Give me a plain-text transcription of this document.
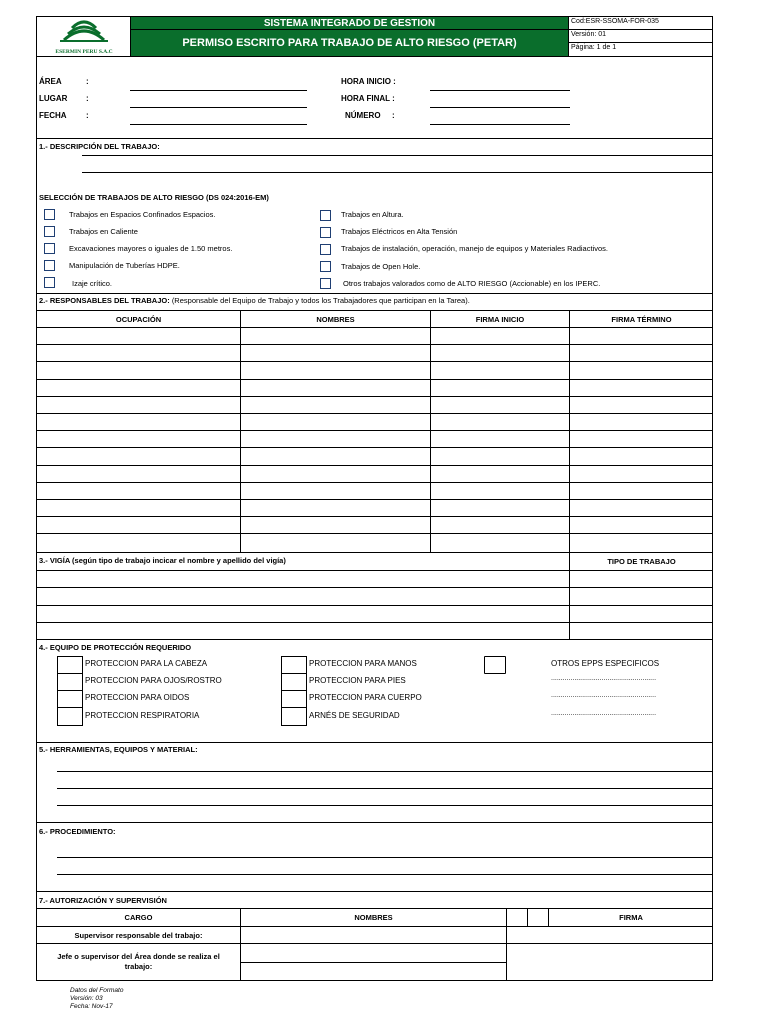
ESERMIN PERU S.A.C
SISTEMA INTEGRADO DE GESTION
PERMISO ESCRITO PARA TRABAJO DE ALTO RIESGO (PETAR)
Cod:ESR-SSOMA-FOR-035
Versión: 01
Página: 1 de 1
ÁREA	:
LUGAR :
FECHA :
HORA INICIO :
HORA FINAL :
NÚMERO :
1.- DESCRIPCIÓN DEL TRABAJO:
SELECCIÓN DE TRABAJOS DE ALTO RIESGO (DS 024:2016-EM)
Trabajos en Espacios Confinados Espacios.
Trabajos en Caliente
Excavaciones mayores o iguales de 1.50 metros.
Manipulación de Tuberías HDPE.
Izaje crítico.
Trabajos en Altura.
Trabajos Eléctricos en Alta Tensión
Trabajos de instalación, operación, manejo de equipos y Materiales Radiactivos.
Trabajos de Open Hole.
Otros trabajos valorados como de ALTO RIESGO (Accionable) en los IPERC.
2.- RESPONSABLES DEL TRABAJO: (Responsable del Equipo de Trabajo y todos los Trabajadores que participan en la Tarea).
OCUPACIÓN	NOMBRES	FIRMA INICIO	FIRMA TÉRMINO
3.- VIGÍA (según tipo de trabajo incicar el nombre y apellido del vigía)	TIPO DE TRABAJO
4.- EQUIPO DE PROTECCIÓN REQUERIDO
PROTECCION PARA LA CABEZA
PROTECCION PARA OJOS/ROSTRO
PROTECCION PARA OIDOS
PROTECCION RESPIRATORIA
PROTECCION PARA MANOS
PROTECCION PARA PIES
PROTECCION PARA CUERPO
ARNÉS DE SEGURIDAD
OTROS EPPS ESPECIFICOS
......................................................
......................................................
......................................................
5.- HERRAMIENTAS, EQUIPOS Y MATERIAL:
6.- PROCEDIMIENTO:
7.- AUTORIZACIÓN Y SUPERVISIÓN
CARGO	NOMBRES	FIRMA
Supervisor responsable del trabajo:
Jefe o supervisor del Área donde se realiza el trabajo:
Datos del Formato
Versión: 03
Fecha: Nov-17
